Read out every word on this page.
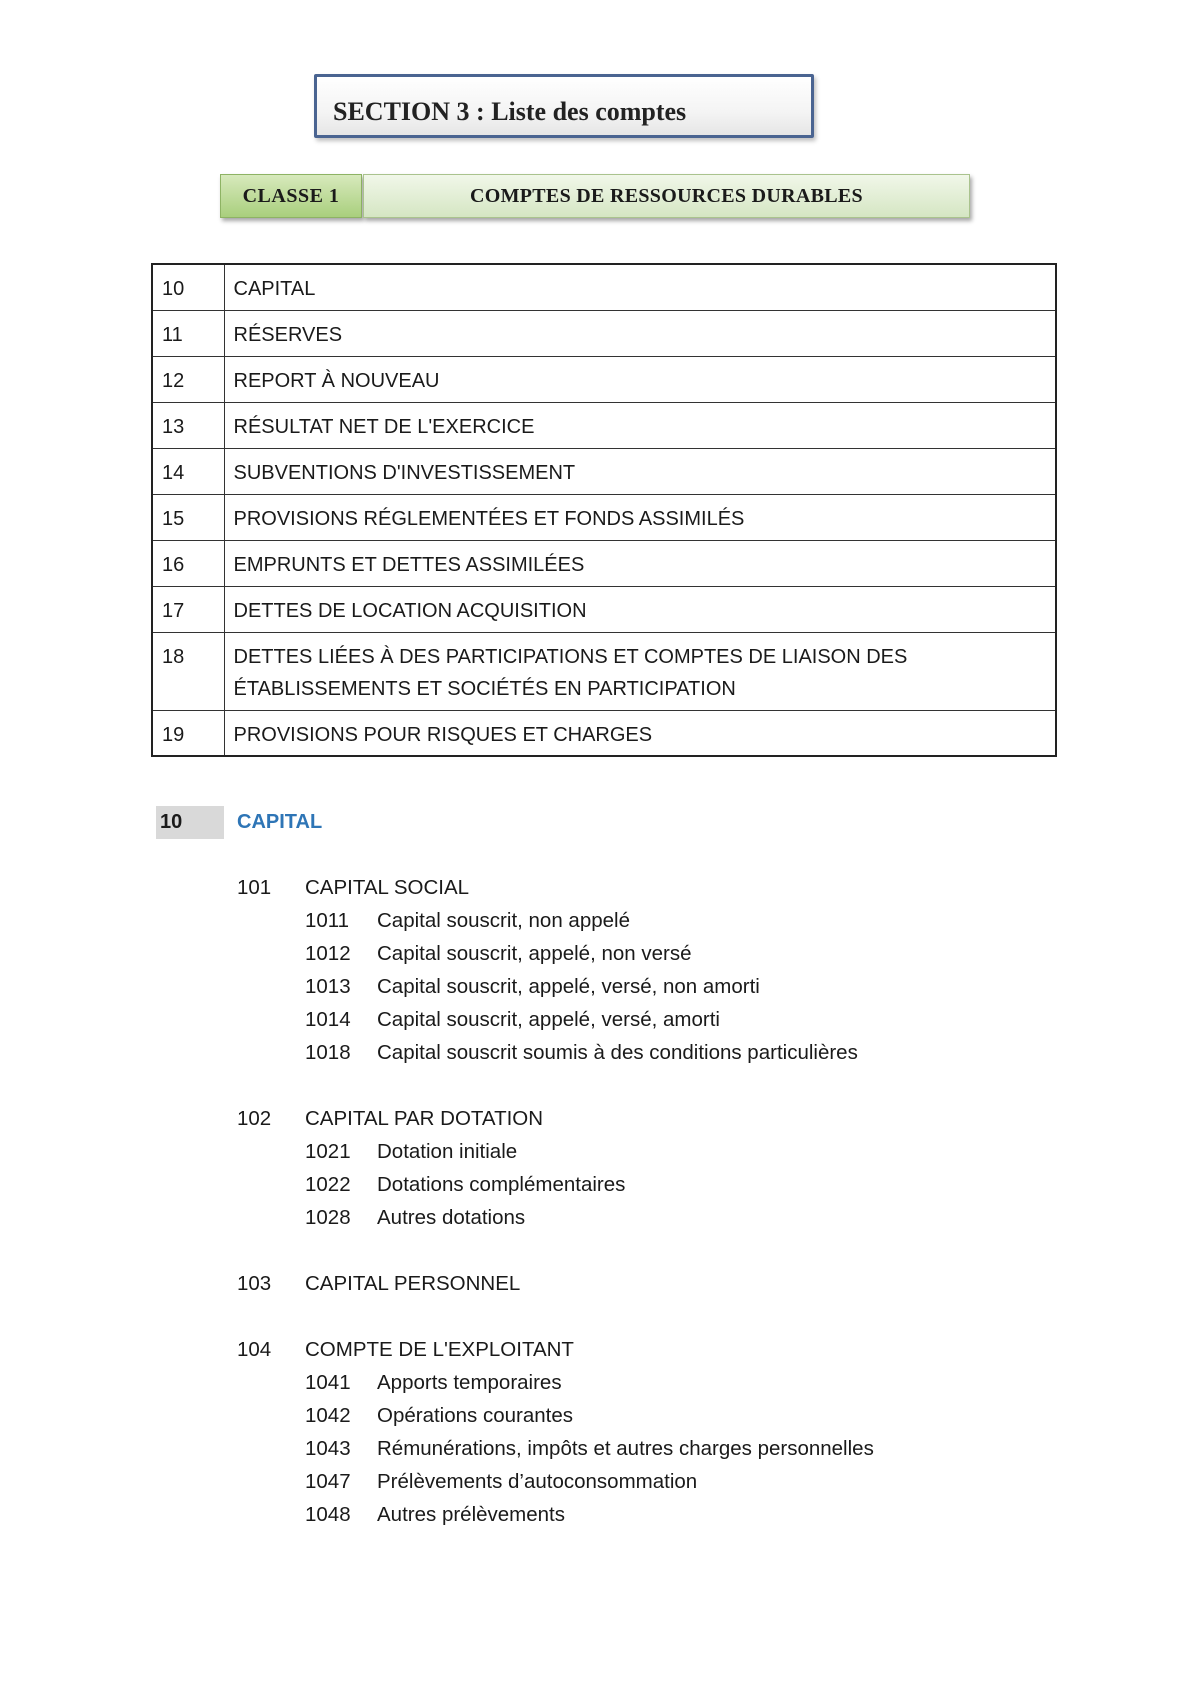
SECTION 3 : Liste des comptes
CLASSE 1	COMPTES DE RESSOURCES DURABLES
10	CAPITAL
11	RÉSERVES
12	REPORT À NOUVEAU
13	RÉSULTAT NET DE L'EXERCICE
14	SUBVENTIONS D'INVESTISSEMENT
15	PROVISIONS RÉGLEMENTÉES ET FONDS ASSIMILÉS
16	EMPRUNTS ET DETTES ASSIMILÉES
17	DETTES DE LOCATION ACQUISITION
18	DETTES LIÉES À DES PARTICIPATIONS ET COMPTES DE LIAISON DES
ÉTABLISSEMENTS ET SOCIÉTÉS EN PARTICIPATION

19	PROVISIONS POUR RISQUES ET CHARGES
10	CAPITAL
101 CAPITAL SOCIAL
1011 Capital souscrit, non appelé
1012 Capital souscrit, appelé, non versé
1013 Capital souscrit, appelé, versé, non amorti
1014 Capital souscrit, appelé, versé, amorti
1018 Capital souscrit soumis à des conditions particulières
102 CAPITAL PAR DOTATION
1021 Dotation initiale
1022 Dotations complémentaires
1028 Autres dotations
103 CAPITAL PERSONNEL
104 COMPTE DE L'EXPLOITANT
1041 Apports temporaires
1042 Opérations courantes
1043 Rémunérations, impôts et autres charges personnelles
1047 Prélèvements d’autoconsommation
1048 Autres prélèvements
